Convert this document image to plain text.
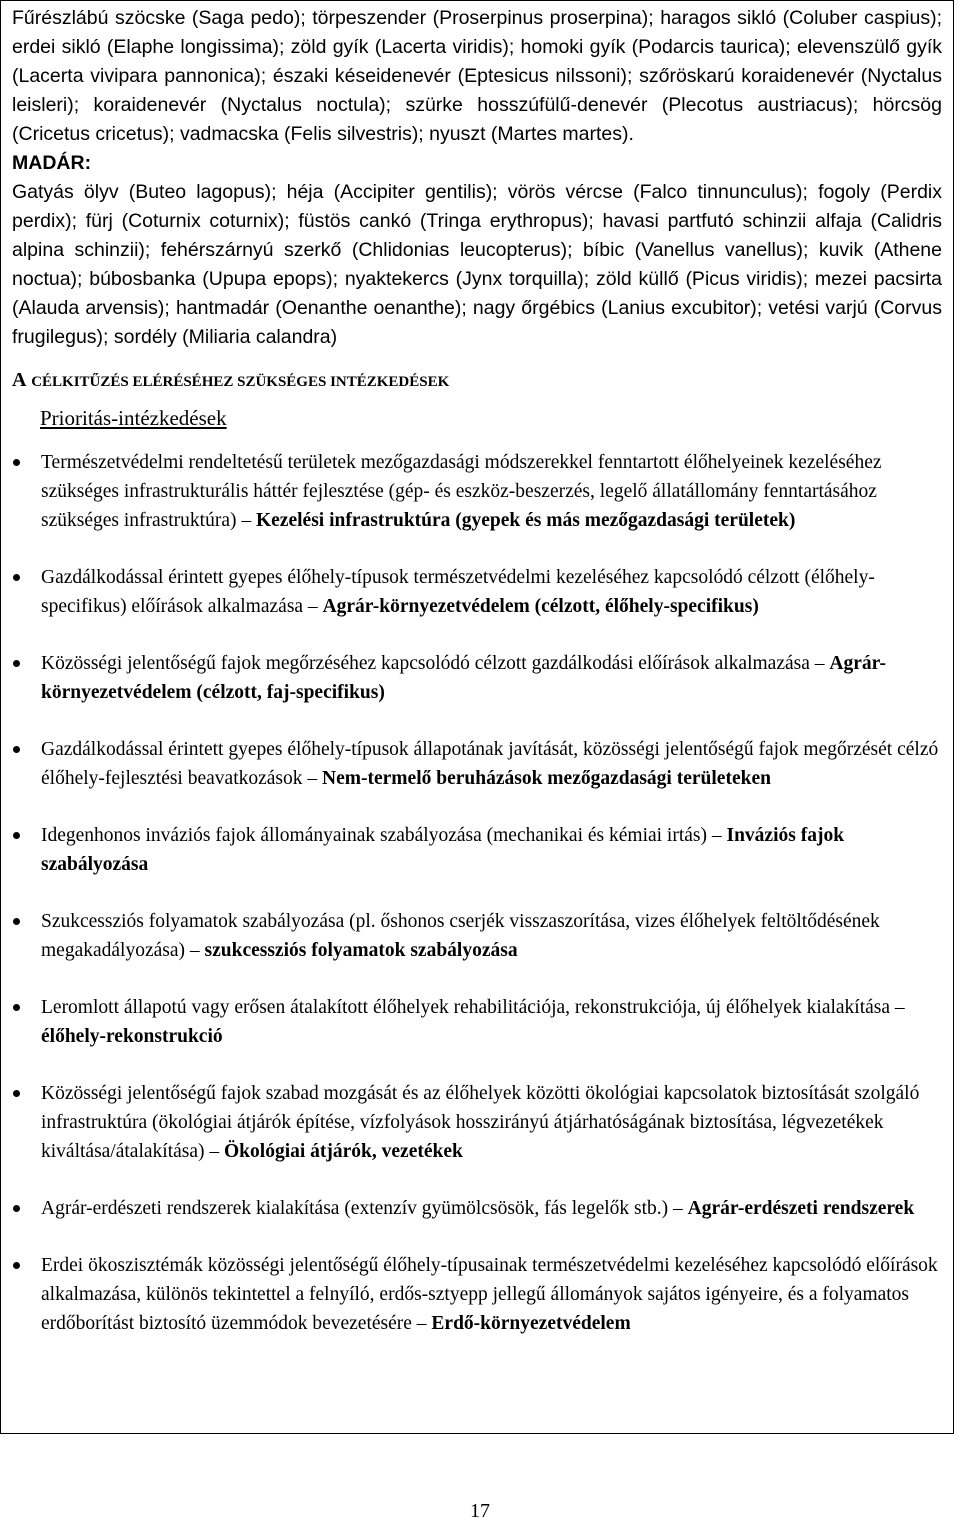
Fűrészlábú szöcske (Saga pedo); törpeszender (Proserpinus proserpina); haragos sikló (Coluber caspius); erdei sikló (Elaphe longissima); zöld gyík (Lacerta viridis); homoki gyík (Podarcis taurica); elevenszülő gyík (Lacerta vivipara pannonica); északi késeidenevér (Eptesicus nilssoni); szőröskarú koraidenevér (Nyctalus leisleri); koraidenevér (Nyctalus noctula); szürke hosszúfülű-denevér (Plecotus austriacus); hörcsög (Cricetus cricetus); vadmacska (Felis silvestris); nyuszt (Martes martes).

MADÁR:

Gatyás ölyv (Buteo lagopus); héja (Accipiter gentilis); vörös vércse (Falco tinnunculus); fogoly (Perdix perdix); fürj (Coturnix coturnix); füstös cankó (Tringa erythropus); havasi partfutó schinzii alfaja (Calidris alpina schinzii); fehérszárnyú szerkő (Chlidonias leucopterus); bíbic (Vanellus vanellus); kuvik (Athene noctua); búbosbanka (Upupa epops); nyaktekercs (Jynx torquilla); zöld küllő (Picus viridis); mezei pacsirta (Alauda arvensis); hantmadár (Oenanthe oenanthe); nagy őrgébics (Lanius excubitor); vetési varjú (Corvus frugilegus); sordély (Miliaria calandra)

A CÉLKITŰZÉS ELÉRÉSÉHEZ SZÜKSÉGES INTÉZKEDÉSEK

Prioritás-intézkedések

Természetvédelmi rendeltetésű területek mezőgazdasági módszerekkel fenntartott élőhelyeinek kezeléséhez szükséges infrastrukturális háttér fejlesztése (gép- és eszköz-beszerzés, legelő állatállomány fenntartásához szükséges infrastruktúra) – Kezelési infrastruktúra (gyepek és más mezőgazdasági területek)
Gazdálkodással érintett gyepes élőhely-típusok természetvédelmi kezeléséhez kapcsolódó célzott (élőhely-specifikus) előírások alkalmazása – Agrár-környezetvédelem (célzott, élőhely-specifikus)
Közösségi jelentőségű fajok megőrzéséhez kapcsolódó célzott gazdálkodási előírások alkalmazása – Agrár-környezetvédelem (célzott, faj-specifikus)
Gazdálkodással érintett gyepes élőhely-típusok állapotának javítását, közösségi jelentőségű fajok megőrzését célzó élőhely-fejlesztési beavatkozások – Nem-termelő beruházások mezőgazdasági területeken
Idegenhonos inváziós fajok állományainak szabályozása (mechanikai és kémiai irtás) – Inváziós fajok szabályozása
Szukcessziós folyamatok szabályozása (pl. őshonos cserjék visszaszorítása, vizes élőhelyek feltöltődésének megakadályozása) – szukcessziós folyamatok szabályozása
Leromlott állapotú vagy erősen átalakított élőhelyek rehabilitációja, rekonstrukciója, új élőhelyek kialakítása – élőhely-rekonstrukció
Közösségi jelentőségű fajok szabad mozgását és az élőhelyek közötti ökológiai kapcsolatok biztosítását szolgáló infrastruktúra (ökológiai átjárók építése, vízfolyások hosszirányú átjárhatóságának biztosítása, légvezetékek kiváltása/átalakítása) – Ökológiai átjárók, vezetékek
Agrár-erdészeti rendszerek kialakítása (extenzív gyümölcsösök, fás legelők stb.) – Agrár-erdészeti rendszerek
Erdei ökoszisztémák közösségi jelentőségű élőhely-típusainak természetvédelmi kezeléséhez kapcsolódó előírások alkalmazása, különös tekintettel a felnyíló, erdős-sztyepp jellegű állományok sajátos igényeire, és a folyamatos erdőborítást biztosító üzemmódok bevezetésére – Erdő-környezetvédelem
17
